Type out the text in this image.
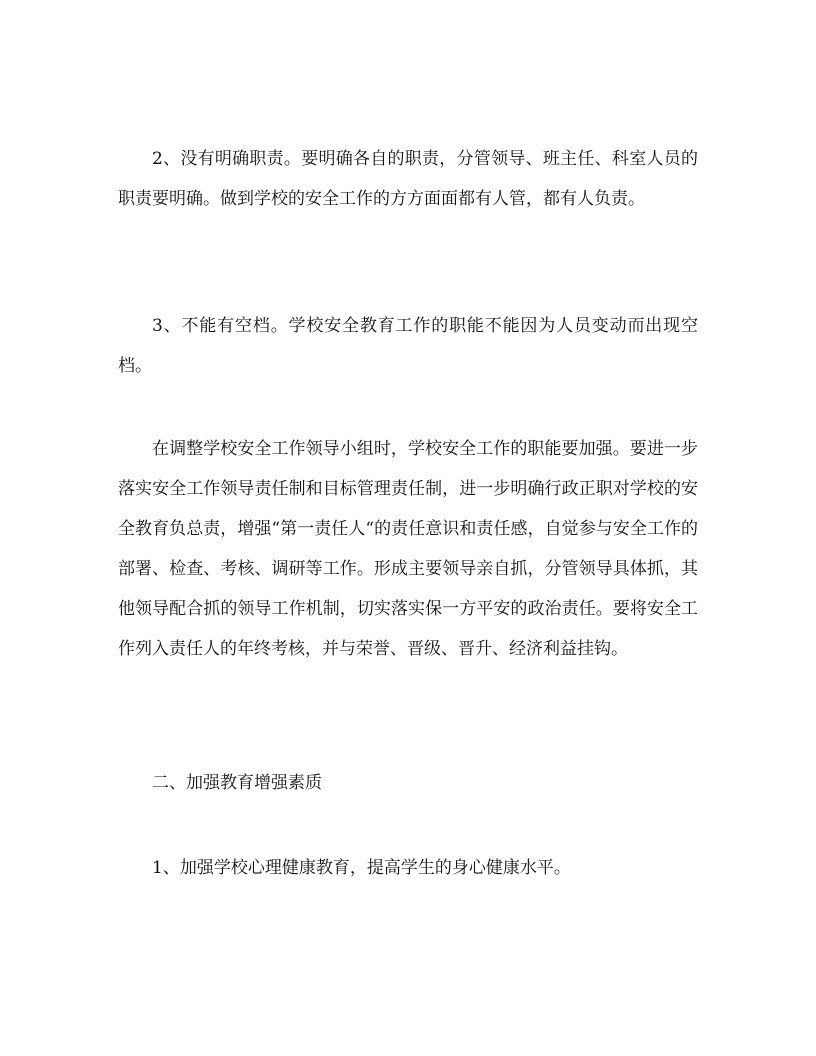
2、没有明确职责。要明确各自的职责，分管领导、班主任、科室人员的职责要明确。做到学校的安全工作的方方面面都有人管，都有人负责。

3、不能有空档。学校安全教育工作的职能不能因为人员变动而出现空档。

在调整学校安全工作领导小组时，学校安全工作的职能要加强。要进一步落实安全工作领导责任制和目标管理责任制，进一步明确行政正职对学校的安全教育负总责，增强“第一责任人“的责任意识和责任感，自觉参与安全工作的部署、检查、考核、调研等工作。形成主要领导亲自抓，分管领导具体抓，其他领导配合抓的领导工作机制，切实落实保一方平安的政治责任。要将安全工作列入责任人的年终考核，并与荣誉、晋级、晋升、经济利益挂钩。

二、加强教育增强素质

1、加强学校心理健康教育，提高学生的身心健康水平。
